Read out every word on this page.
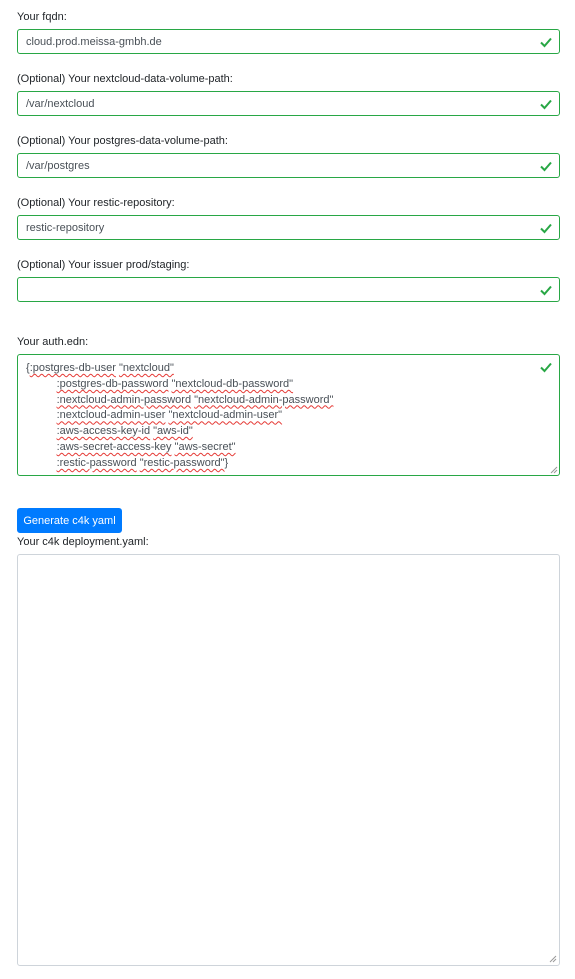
Your fqdn:
cloud.prod.meissa-gmbh.de
(Optional) Your nextcloud-data-volume-path:
/var/nextcloud
(Optional) Your postgres-data-volume-path:
/var/postgres
(Optional) Your restic-repository:
restic-repository
(Optional) Your issuer prod/staging:
Your auth.edn:
{:postgres-db-user "nextcloud"
:postgres-db-password "nextcloud-db-password"
:nextcloud-admin-password "nextcloud-admin-password"
:nextcloud-admin-user "nextcloud-admin-user"
:aws-access-key-id "aws-id"
:aws-secret-access-key "aws-secret"
:restic-password "restic-password"}
Generate c4k yaml
Your c4k deployment.yaml:
